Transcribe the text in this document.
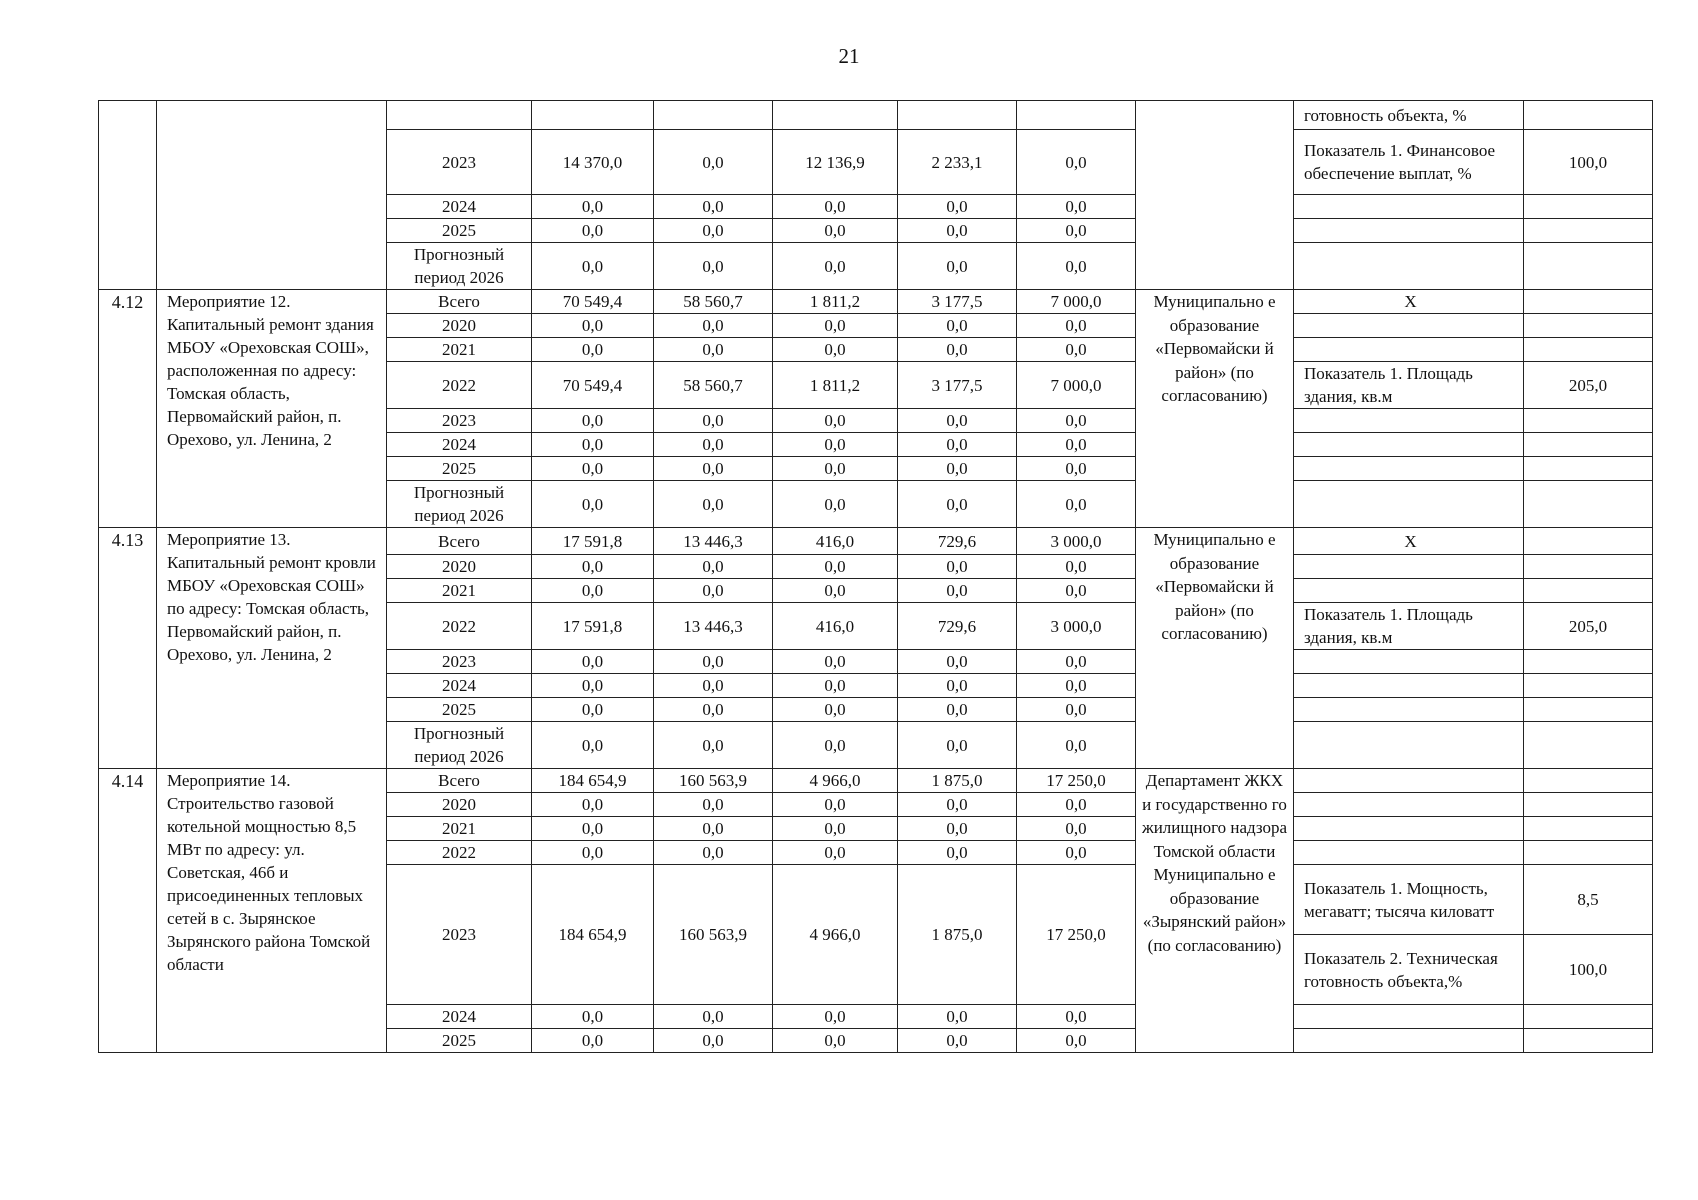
21
									готовность объекта, %	
		2023	14 370,0	0,0	12 136,9	2 233,1	0,0		Показатель 1. Финансовое обеспечение выплат, %	100,0
		2024	0,0	0,0	0,0	0,0	0,0			
		2025	0,0	0,0	0,0	0,0	0,0			
		Прогнозный период 2026	0,0	0,0	0,0	0,0	0,0			
4.12	Мероприятие 12. Капитальный ремонт здания МБОУ «Ореховская СОШ», расположенная по адресу: Томская область, Первомайский район, п. Орехово, ул. Ленина, 2	Всего	70 549,4	58 560,7	1 811,2	3 177,5	7 000,0	Муниципально е образование «Первомайски й район» (по согласованию)	Х	
		2020	0,0	0,0	0,0	0,0	0,0			
		2021	0,0	0,0	0,0	0,0	0,0			
		2022	70 549,4	58 560,7	1 811,2	3 177,5	7 000,0		Показатель 1. Площадь здания, кв.м	205,0
		2023	0,0	0,0	0,0	0,0	0,0			
		2024	0,0	0,0	0,0	0,0	0,0			
		2025	0,0	0,0	0,0	0,0	0,0			
		Прогнозный период 2026	0,0	0,0	0,0	0,0	0,0			
4.13	Мероприятие 13. Капитальный ремонт кровли МБОУ «Ореховская СОШ» по адресу: Томская область, Первомайский район, п. Орехово, ул. Ленина, 2	Всего	17 591,8	13 446,3	416,0	729,6	3 000,0	Муниципально е образование «Первомайски й район» (по согласованию)	Х	
		2020	0,0	0,0	0,0	0,0	0,0			
		2021	0,0	0,0	0,0	0,0	0,0			
		2022	17 591,8	13 446,3	416,0	729,6	3 000,0		Показатель 1. Площадь здания, кв.м	205,0
		2023	0,0	0,0	0,0	0,0	0,0			
		2024	0,0	0,0	0,0	0,0	0,0			
		2025	0,0	0,0	0,0	0,0	0,0			
		Прогнозный период 2026	0,0	0,0	0,0	0,0	0,0			
4.14	Мероприятие 14. Строительство газовой котельной мощностью 8,5 МВт по адресу: ул. Советская, 46б и присоединенных тепловых сетей в с. Зырянское Зырянского района Томской области	Всего	184 654,9	160 563,9	4 966,0	1 875,0	17 250,0	Департамент ЖКХ и государственно го жилищного надзора Томской области Муниципально е образование «Зырянский район» (по согласованию)		
		2020	0,0	0,0	0,0	0,0	0,0			
		2021	0,0	0,0	0,0	0,0	0,0			
		2022	0,0	0,0	0,0	0,0	0,0			
		2023	184 654,9	160 563,9	4 966,0	1 875,0	17 250,0		Показатель 1. Мощность, мегаватт; тысяча киловатт	8,5
									Показатель 2. Техническая готовность объекта,%	100,0
		2024	0,0	0,0	0,0	0,0	0,0			
		2025	0,0	0,0	0,0	0,0	0,0			
